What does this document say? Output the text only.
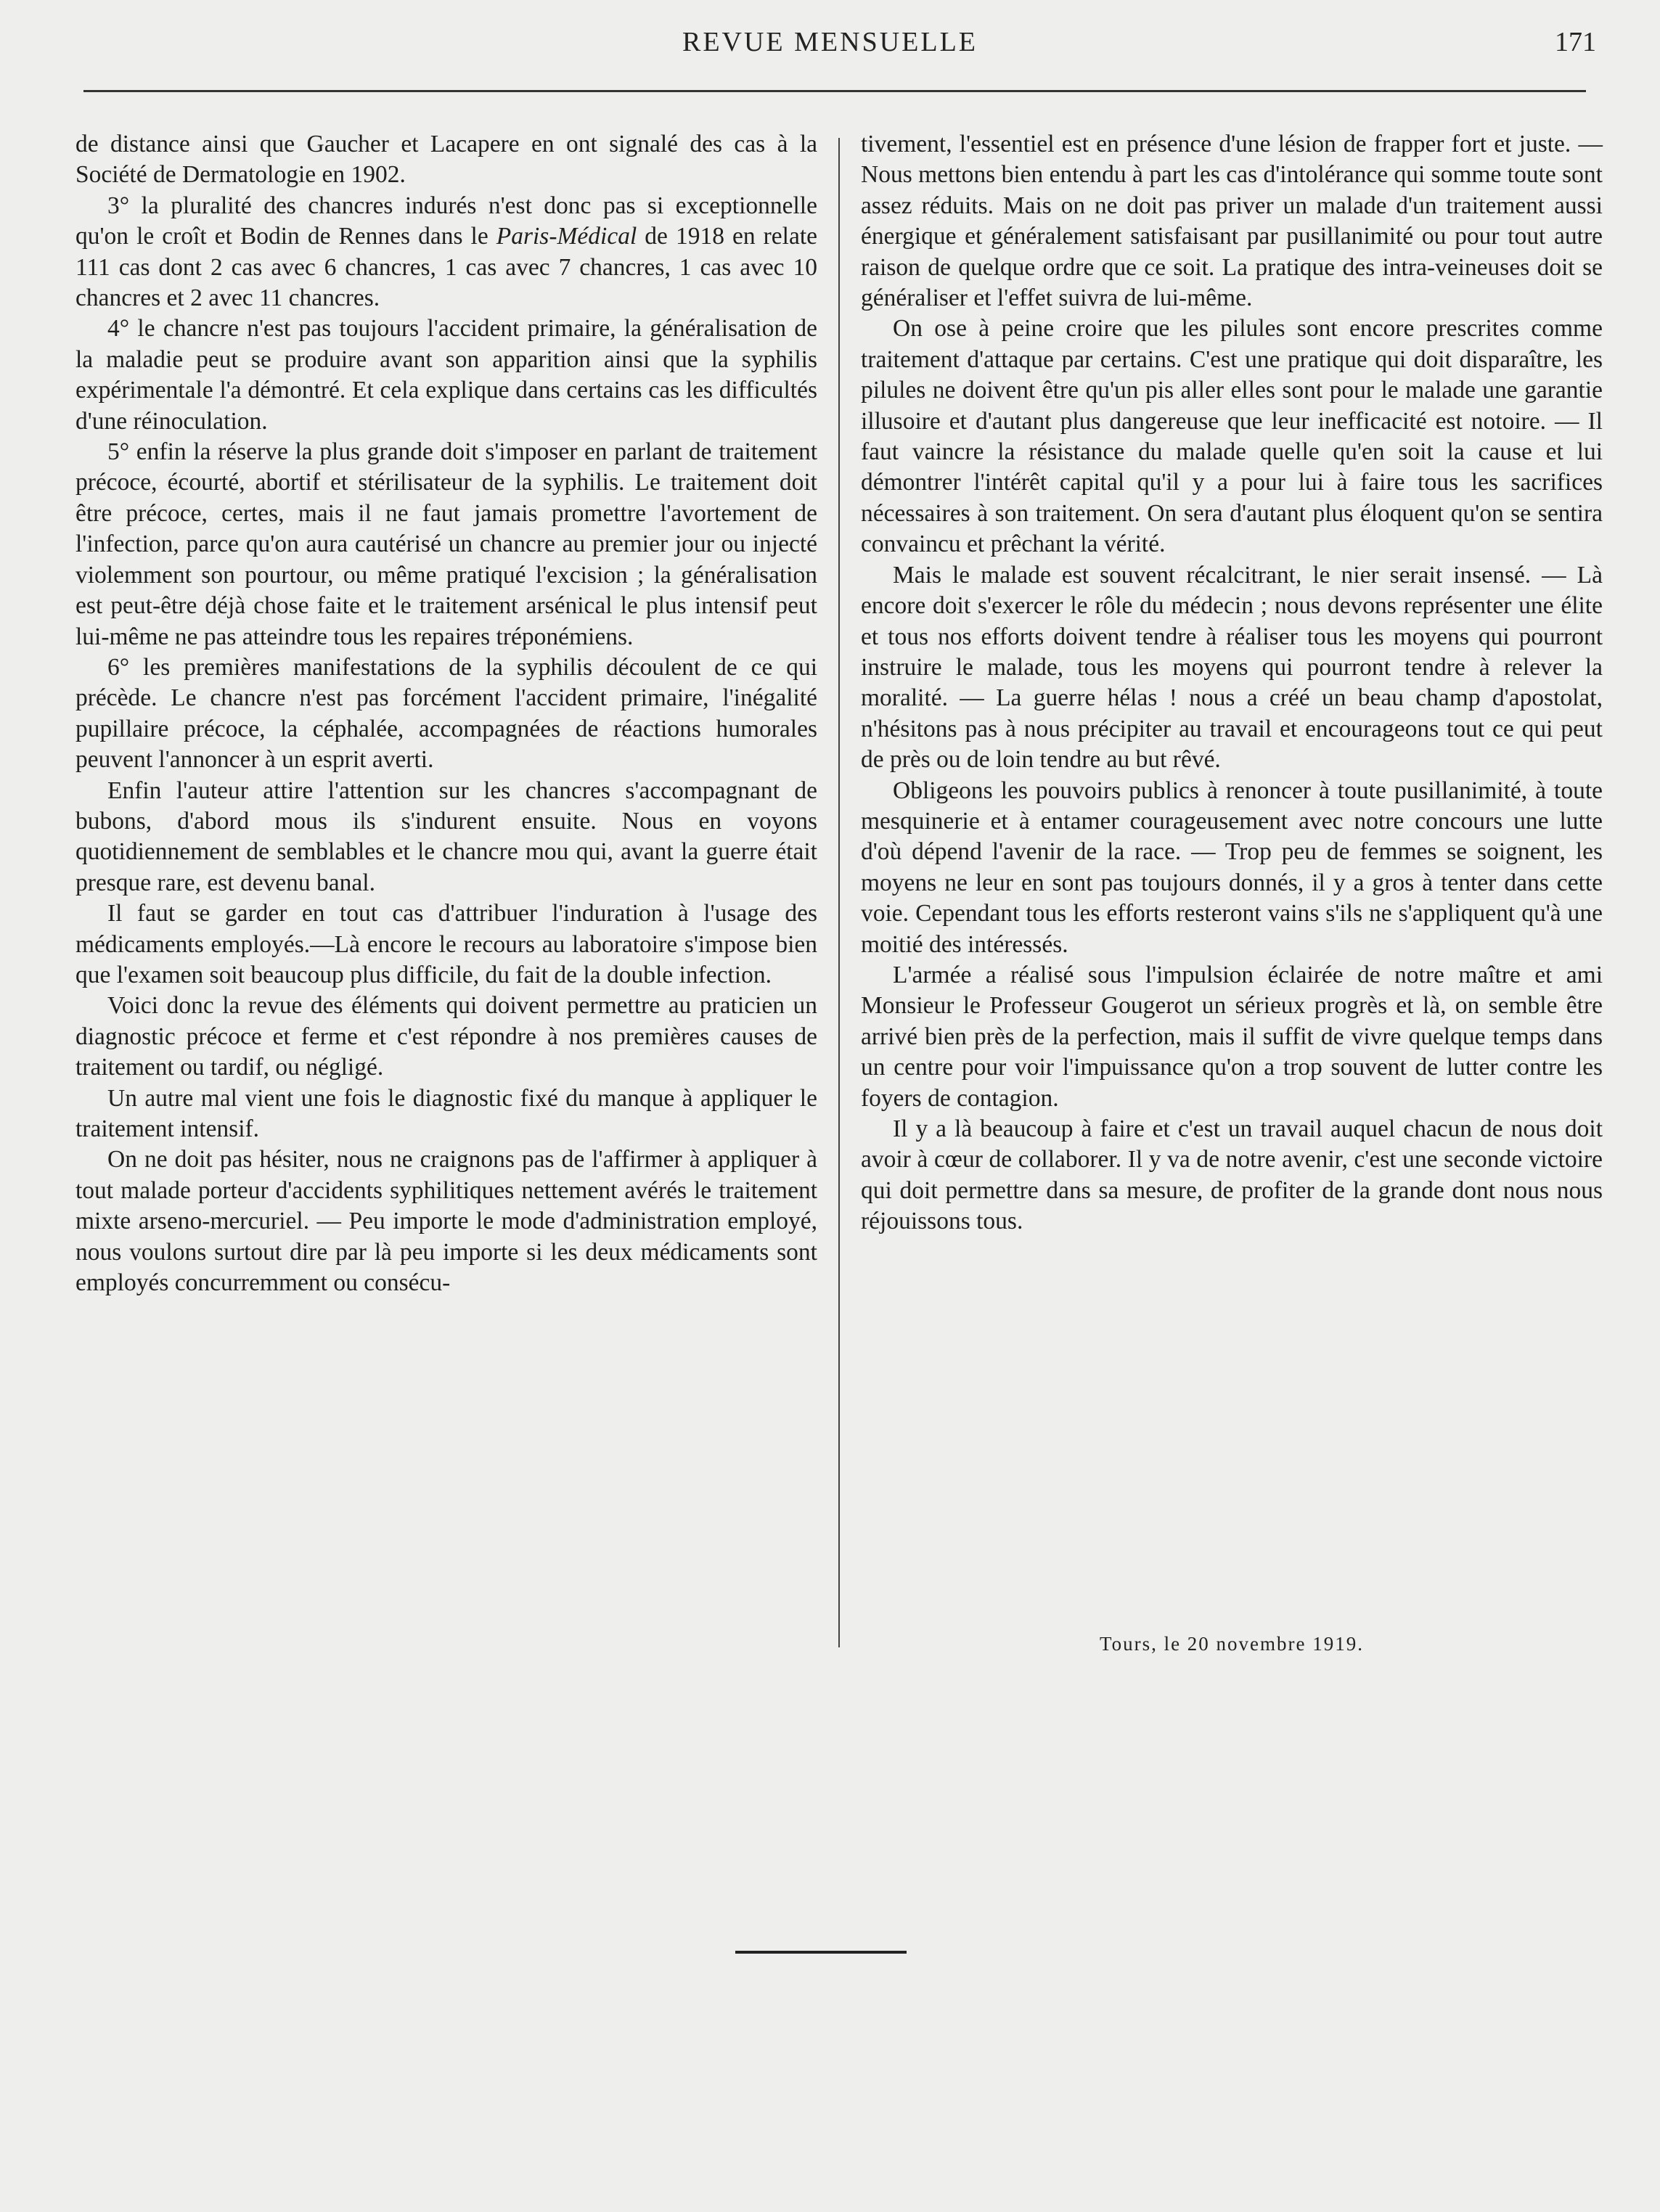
REVUE MENSUELLE	171

de distance ainsi que Gaucher et Lacapere en ont signalé des cas à la Société de Dermatologie en 1902.

3° la pluralité des chancres indurés n'est donc pas si exceptionnelle qu'on le croît et Bodin de Rennes dans le Paris-Médical de 1918 en relate 111 cas dont 2 cas avec 6 chancres, 1 cas avec 7 chancres, 1 cas avec 10 chancres et 2 avec 11 chancres.

4° le chancre n'est pas toujours l'accident primaire, la généralisation de la maladie peut se produire avant son apparition ainsi que la syphilis expérimentale l'a démontré. Et cela explique dans certains cas les difficultés d'une réinoculation.

5° enfin la réserve la plus grande doit s'imposer en parlant de traitement précoce, écourté, abortif et stérilisateur de la syphilis. Le traitement doit être précoce, certes, mais il ne faut jamais promettre l'avortement de l'infection, parce qu'on aura cautérisé un chancre au premier jour ou injecté violemment son pourtour, ou même pratiqué l'excision ; la généralisation est peut-être déjà chose faite et le traitement arsénical le plus intensif peut lui-même ne pas atteindre tous les repaires tréponémiens.

6° les premières manifestations de la syphilis découlent de ce qui précède. Le chancre n'est pas forcément l'accident primaire, l'inégalité pupillaire précoce, la céphalée, accompagnées de réactions humorales peuvent l'annoncer à un esprit averti.

Enfin l'auteur attire l'attention sur les chancres s'accompagnant de bubons, d'abord mous ils s'indurent ensuite. Nous en voyons quotidiennement de semblables et le chancre mou qui, avant la guerre était presque rare, est devenu banal.

Il faut se garder en tout cas d'attribuer l'induration à l'usage des médicaments employés.—Là encore le recours au laboratoire s'impose bien que l'examen soit beaucoup plus difficile, du fait de la double infection.

Voici donc la revue des éléments qui doivent permettre au praticien un diagnostic précoce et ferme et c'est répondre à nos premières causes de traitement ou tardif, ou négligé.

Un autre mal vient une fois le diagnostic fixé du manque à appliquer le traitement intensif.

On ne doit pas hésiter, nous ne craignons pas de l'affirmer à appliquer à tout malade porteur d'accidents syphilitiques nettement avérés le traitement mixte arseno-mercuriel. — Peu importe le mode d'administration employé, nous voulons surtout dire par là peu importe si les deux médicaments sont employés concurremment ou consécu-

tivement, l'essentiel est en présence d'une lésion de frapper fort et juste. — Nous mettons bien entendu à part les cas d'intolérance qui somme toute sont assez réduits. Mais on ne doit pas priver un malade d'un traitement aussi énergique et généralement satisfaisant par pusillanimité ou pour tout autre raison de quelque ordre que ce soit. La pratique des intra-veineuses doit se généraliser et l'effet suivra de lui-même.

On ose à peine croire que les pilules sont encore prescrites comme traitement d'attaque par certains. C'est une pratique qui doit disparaître, les pilules ne doivent être qu'un pis aller elles sont pour le malade une garantie illusoire et d'autant plus dangereuse que leur inefficacité est notoire. — Il faut vaincre la résistance du malade quelle qu'en soit la cause et lui démontrer l'intérêt capital qu'il y a pour lui à faire tous les sacrifices nécessaires à son traitement. On sera d'autant plus éloquent qu'on se sentira convaincu et prêchant la vérité.

Mais le malade est souvent récalcitrant, le nier serait insensé. — Là encore doit s'exercer le rôle du médecin ; nous devons représenter une élite et tous nos efforts doivent tendre à réaliser tous les moyens qui pourront instruire le malade, tous les moyens qui pourront tendre à relever la moralité. — La guerre hélas ! nous a créé un beau champ d'apostolat, n'hésitons pas à nous précipiter au travail et encourageons tout ce qui peut de près ou de loin tendre au but rêvé.

Obligeons les pouvoirs publics à renoncer à toute pusillanimité, à toute mesquinerie et à entamer courageusement avec notre concours une lutte d'où dépend l'avenir de la race. — Trop peu de femmes se soignent, les moyens ne leur en sont pas toujours donnés, il y a gros à tenter dans cette voie. Cependant tous les efforts resteront vains s'ils ne s'appliquent qu'à une moitié des intéressés.

L'armée a réalisé sous l'impulsion éclairée de notre maître et ami Monsieur le Professeur Gougerot un sérieux progrès et là, on semble être arrivé bien près de la perfection, mais il suffit de vivre quelque temps dans un centre pour voir l'impuissance qu'on a trop souvent de lutter contre les foyers de contagion.

Il y a là beaucoup à faire et c'est un travail auquel chacun de nous doit avoir à cœur de collaborer. Il y va de notre avenir, c'est une seconde victoire qui doit permettre dans sa mesure, de profiter de la grande dont nous nous réjouissons tous.

Tours, le 20 novembre 1919.
